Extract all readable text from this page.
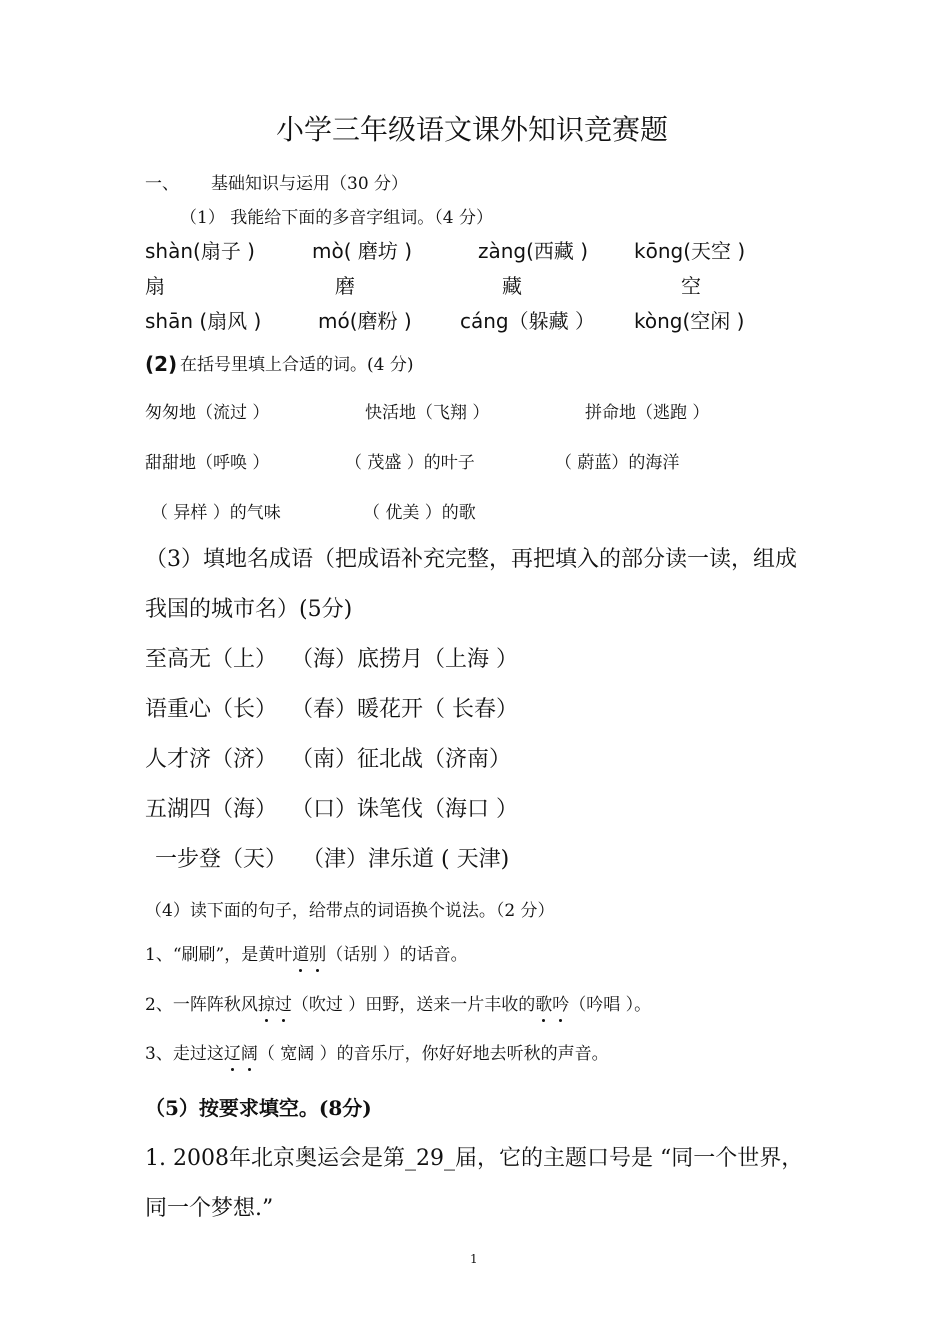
小学三年级语文课外知识竞赛题
一、 基础知识与运用（30 分）
（1） 我能给下面的多音字组词。（4 分）
shàn(扇子 )	mò( 磨坊 )	zàng(西藏 ) kōng(天空 )
扇	磨	藏	空
shān (扇风 )	mó(磨粉 ) cáng（躲藏 ） kòng(空闲 )
(2) 在括号里填上合适的词。(4 分)
匆匆地（流过 ）	快活地（飞翔 ）	拼命地（逃跑 ）
甜甜地（呼唤 ）	（ 茂盛 ）的叶子	（ 蔚蓝）的海洋
（ 异样 ）的气味	（ 优美 ）的歌
（3）填地名成语（把成语补充完整，再把填入的部分读一读，组成
我国的城市名）(5分)
至高无（上） （海）底捞月（上海 ）
语重心（长） （春）暖花开（ 长春）
人才济（济） （南）征北战（济南）
五湖四（海） （口）诛笔伐（海口 ）
一步登（天） （津）津乐道 ( 天津)
（4）读下面的句子，给带点的词语换个说法。（2 分）
1、“刷刷”，是黄叶道别（话别 ）的话音。
2、一阵阵秋风掠过（吹过 ）田野，送来一片丰收的歌吟（吟唱 ）。
3、走过这辽阔（ 宽阔 ）的音乐厅，你好好地去听秋的声音。
（5）按要求填空。(8分)
1. 2008年北京奥运会是第_29_届，它的主题口号是 “同一个世界，
同一个梦想.”
1
